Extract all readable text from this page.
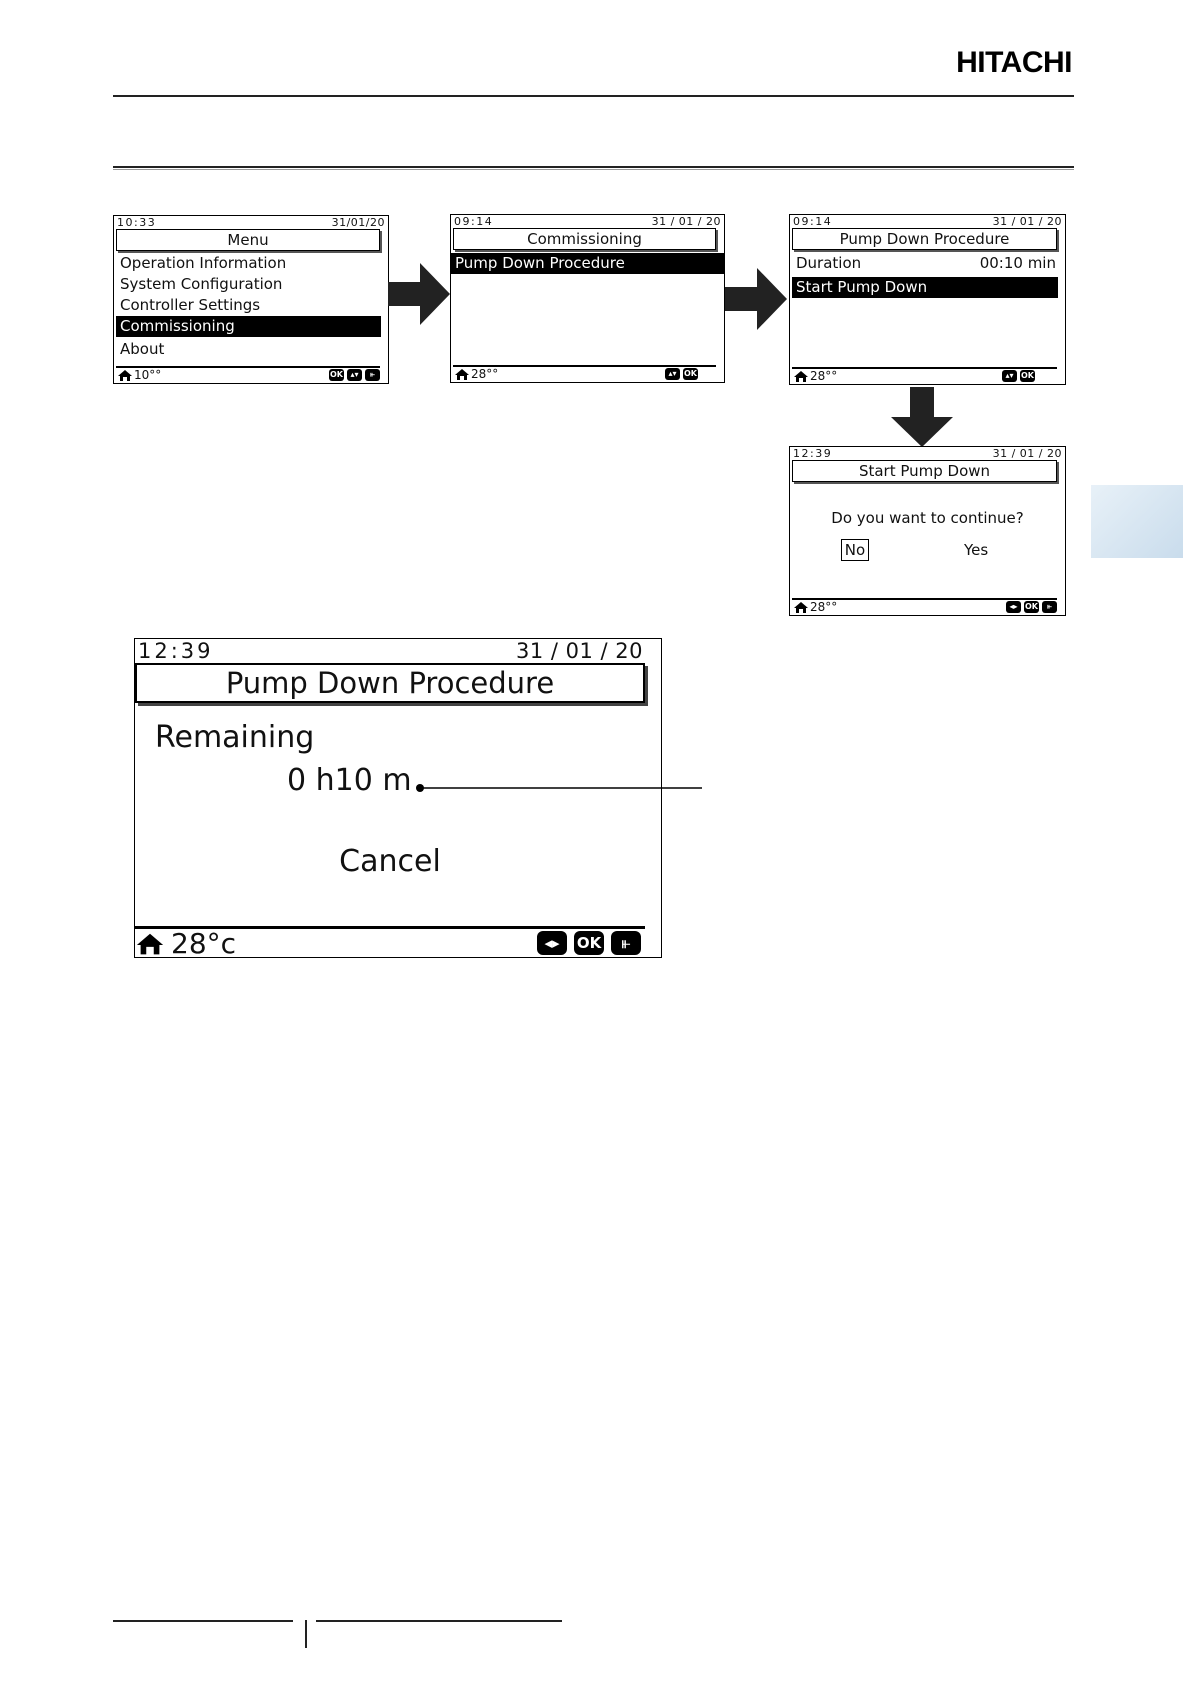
HITACHI
10:33	31/01/20
Menu
Operation Information
System Configuration
Controller Settings
Commissioning
About
10°°	OK ▴▾	⫦
09:14	31 / 01 / 20
Commissioning
Pump Down Procedure
28°°	▴▾ OK
09:14	31 / 01 / 20
Pump Down Procedure
Duration	00:10 min
Start Pump Down
28°°	▴▾ OK
12:39	31 / 01 / 20
Start Pump Down
Do you want to continue?
No	Yes
28°°	◂▸ OK	⫦
12:39	31 / 01 / 20
Pump Down Procedure
Remaining
0 h10 m
Cancel
28°c	◂▸	OK	⫦
